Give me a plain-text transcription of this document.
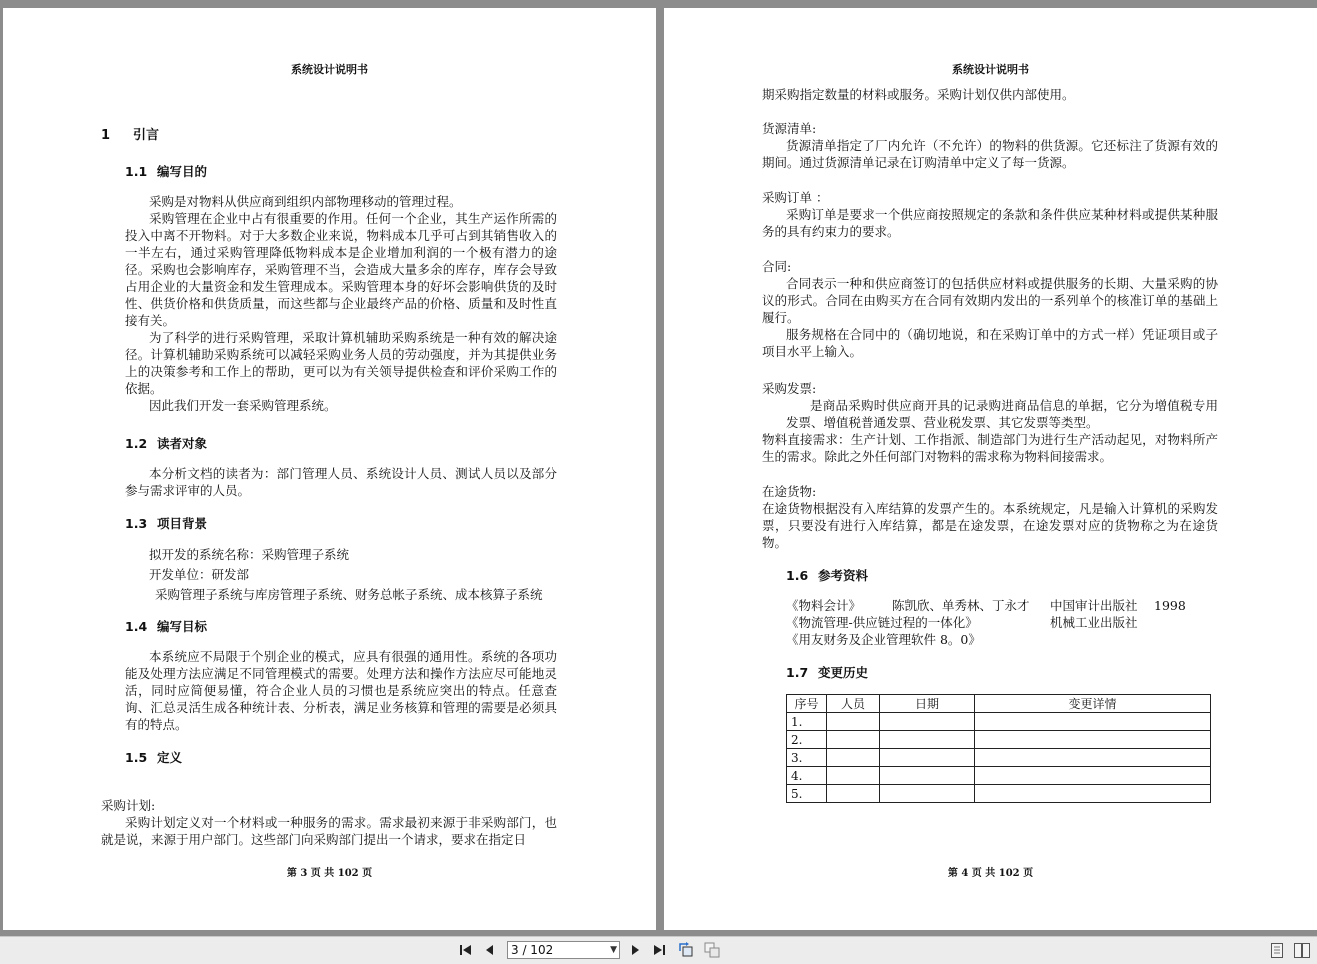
系统设计说明书
1 引言
1.1 编写目的

采购是对物料从供应商到组织内部物理移动的管理过程。

采购管理在企业中占有很重要的作用。任何一个企业，其生产运作所需的投入中离不开物料。对于大多数企业来说，物料成本几乎可占到其销售收入的一半左右，通过采购管理降低物料成本是企业增加利润的一个极有潜力的途径。采购也会影响库存，采购管理不当，会造成大量多余的库存，库存会导致占用企业的大量资金和发生管理成本。采购管理本身的好坏会影响供货的及时性、供货价格和供货质量，而这些都与企业最终产品的价格、质量和及时性直接有关。

为了科学的进行采购管理，采取计算机辅助采购系统是一种有效的解决途径。计算机辅助采购系统可以减轻采购业务人员的劳动强度，并为其提供业务上的决策参考和工作上的帮助，更可以为有关领导提供检查和评价采购工作的依据。

因此我们开发一套采购管理系统。

1.2 读者对象

本分析文档的读者为：部门管理人员、系统设计人员、测试人员以及部分参与需求评审的人员。

1.3 项目背景

拟开发的系统名称：采购管理子系统

开发单位：研发部

采购管理子系统与库房管理子系统、财务总帐子系统、成本核算子系统

1.4 编写目标

本系统应不局限于个别企业的模式，应具有很强的通用性。系统的各项功能及处理方法应满足不同管理模式的需要。处理方法和操作方法应尽可能地灵活，同时应简便易懂，符合企业人员的习惯也是系统应突出的特点。任意查询、汇总灵活生成各种统计表、分析表，满足业务核算和管理的需要是必须具有的特点。

1.5 定义

采购计划:

采购计划定义对一个材料或一种服务的需求。需求最初来源于非采购部门，也就是说，来源于用户部门。这些部门向采购部门提出一个请求，要求在指定日

第 3 页 共 102 页
系统设计说明书

期采购指定数量的材料或服务。采购计划仅供内部使用。

货源清单:

货源清单指定了厂内允许（不允许）的物料的供货源。它还标注了货源有效的期间。通过货源清单记录在订购清单中定义了每一货源。

采购订单 ：

采购订单是要求一个供应商按照规定的条款和条件供应某种材料或提供某种服务的具有约束力的要求。

合同:

合同表示一种和供应商签订的包括供应材料或提供服务的长期、大量采购的协议的形式。合同在由购买方在合同有效期内发出的一系列单个的核准订单的基础上履行。

服务规格在合同中的（确切地说，和在采购订单中的方式一样）凭证项目或子项目水平上输入。

采购发票:

是商品采购时供应商开具的记录购进商品信息的单据，它分为增值税专用发票、增值税普通发票、营业税发票、其它发票等类型。

物料直接需求：生产计划、工作指派、制造部门为进行生产活动起见，对物料所产生的需求。除此之外任何部门对物料的需求称为物料间接需求。

在途货物:

在途货物根据没有入库结算的发票产生的。本系统规定，凡是输入计算机的采购发票，只要没有进行入库结算，都是在途发票，在途发票对应的货物称之为在途货物。

1.6 参考资料
《物料会计》 陈凯欣、单秀林、丁永才 中国审计出版社 1998
《物流管理-供应链过程的一体化》	机械工业出版社
《用友财务及企业管理软件 8。0》
1.7 变更历史
序号	人员	日期	变更详情
1.			
2.			
3.			
4.			
5.			
第 4 页 共 102 页
3 / 102	▼
